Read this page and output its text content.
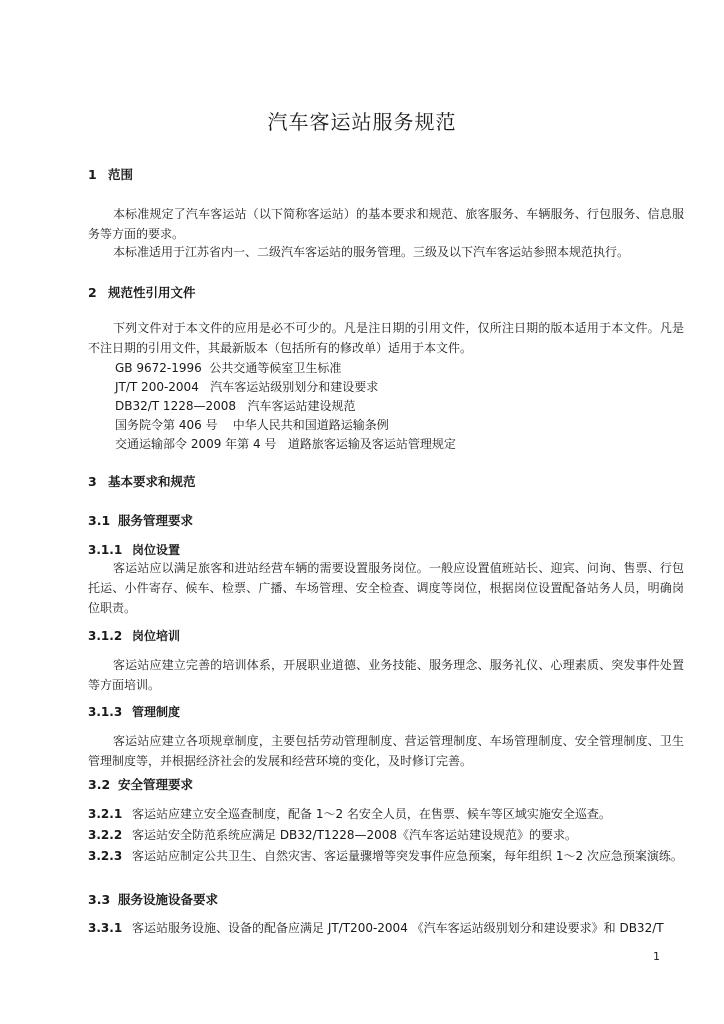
汽车客运站服务规范
1 范围
本标准规定了汽车客运站（以下简称客运站）的基本要求和规范、旅客服务、车辆服务、行包服务、信息服务等方面的要求。
本标准适用于江苏省内一、二级汽车客运站的服务管理。三级及以下汽车客运站参照本规范执行。
2 规范性引用文件
下列文件对于本文件的应用是必不可少的。凡是注日期的引用文件，仅所注日期的版本适用于本文件。凡是不注日期的引用文件，其最新版本（包括所有的修改单）适用于本文件。
GB 9672-1996  公共交通等候室卫生标准
JT/T 200-2004   汽车客运站级别划分和建设要求
DB32/T 1228—2008   汽车客运站建设规范
国务院令第 406 号    中华人民共和国道路运输条例
交通运输部令 2009 年第 4 号   道路旅客运输及客运站管理规定
3 基本要求和规范
3.1 服务管理要求
3.1.1 岗位设置
客运站应以满足旅客和进站经营车辆的需要设置服务岗位。一般应设置值班站长、迎宾、问询、售票、行包托运、小件寄存、候车、检票、广播、车场管理、安全检查、调度等岗位，根据岗位设置配备站务人员，明确岗位职责。
3.1.2 岗位培训
客运站应建立完善的培训体系，开展职业道德、业务技能、服务理念、服务礼仪、心理素质、突发事件处置等方面培训。
3.1.3 管理制度
客运站应建立各项规章制度，主要包括劳动管理制度、营运管理制度、车场管理制度、安全管理制度、卫生管理制度等，并根据经济社会的发展和经营环境的变化，及时修订完善。
3.2 安全管理要求
3.2.1 客运站应建立安全巡查制度，配备 1～2 名安全人员，在售票、候车等区域实施安全巡查。
3.2.2 客运站安全防范系统应满足 DB32/T1228—2008《汽车客运站建设规范》的要求。
3.2.3 客运站应制定公共卫生、自然灾害、客运量骤增等突发事件应急预案，每年组织 1～2 次应急预案演练。
3.3 服务设施设备要求
3.3.1 客运站服务设施、设备的配备应满足 JT/T200-2004 《汽车客运站级别划分和建设要求》和 DB32/T
1
